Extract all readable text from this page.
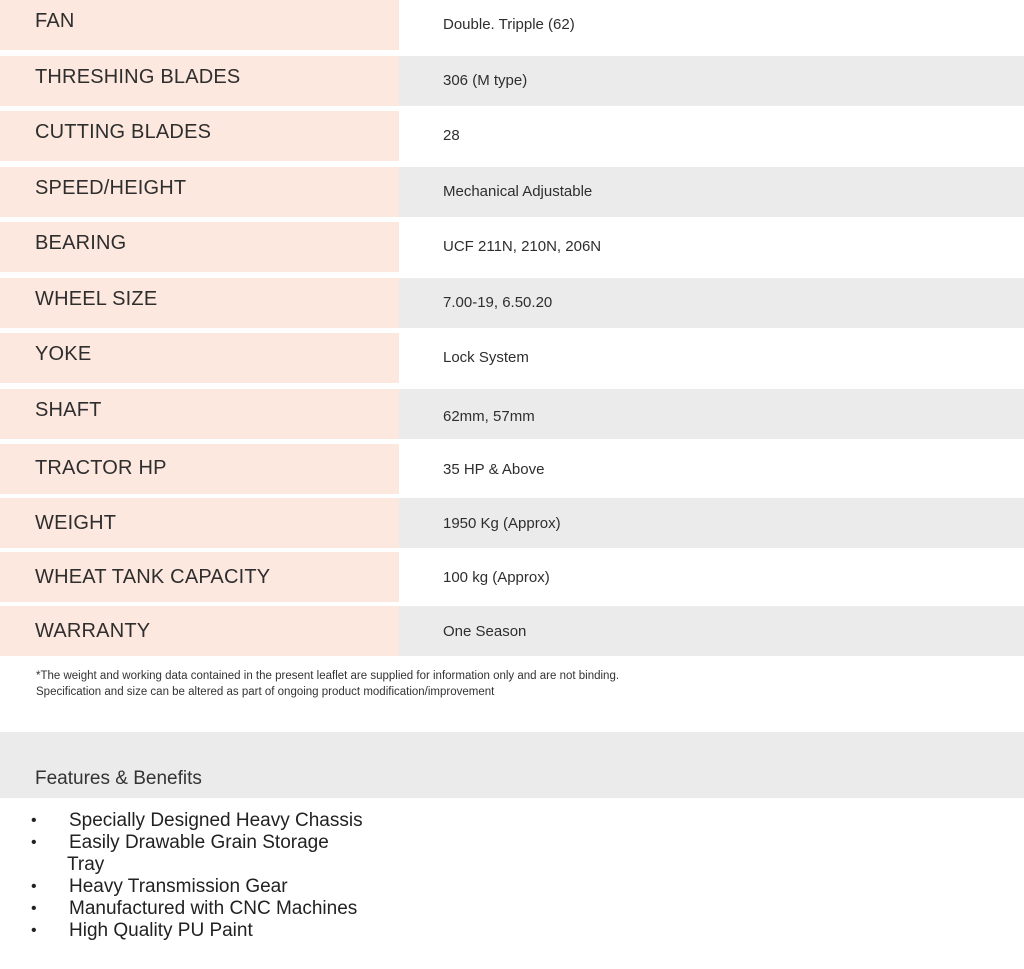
FAN	Double. Tripple (62)
THRESHING BLADES	306 (M type)
CUTTING BLADES	28
SPEED/HEIGHT	Mechanical Adjustable
BEARING	UCF 211N, 210N, 206N
WHEEL SIZE	7.00-19, 6.50.20
YOKE	Lock System
SHAFT	62mm, 57mm
TRACTOR HP	35 HP & Above
WEIGHT	1950 Kg (Approx)
WHEAT TANK CAPACITY	100 kg (Approx)
WARRANTY	One Season
*The weight and working data contained in the present leaflet are supplied for information only and are not binding.
Specification and size can be altered as part of ongoing product modification/improvement
Features & Benefits
• Specially Designed Heavy Chassis
• Easily Drawable Grain Storage
Tray
• Heavy Transmission Gear
• Manufactured with CNC Machines
• High Quality PU Paint
